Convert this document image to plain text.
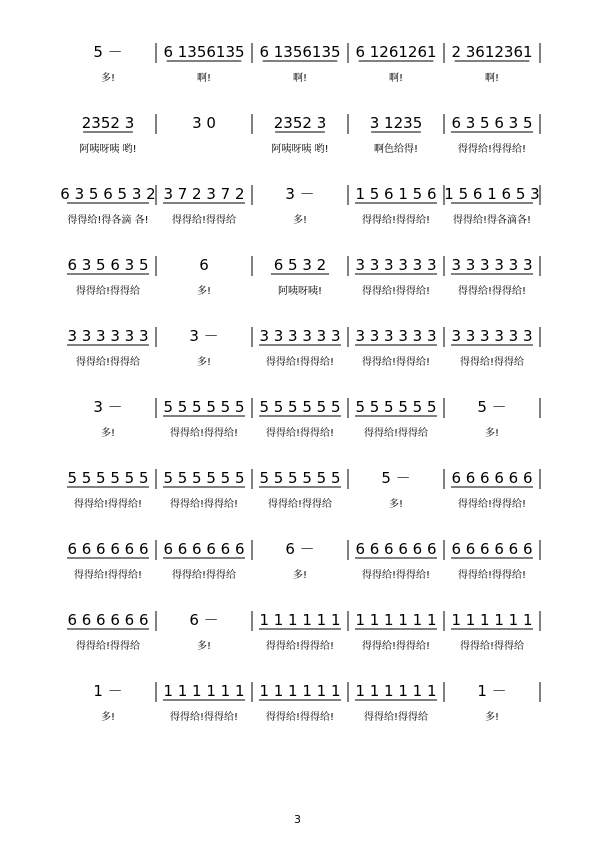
5 －
多!
6 1356135
啊!
6 1356135
啊!
6 1261261
啊!
2 3612361
啊!
2352 3
阿咦呀咦 哟!
3 0	2352 3
阿咦呀咦 哟!
3 1235
啊色给得!
6 3 5 6 3 5
得得给!得得给!
6 3 5 6 5 3 2
得得给!得各滴 各!
3 7 2 3 7 2
得得给!得得给
3 －
多!
1 5 6 1 5 6
得得给!得得给!
1 5 6 1 6 5 3
得得给!得各滴各!
6 3 5 6 3 5
得得给!得得给
6
多!
6 5 3 2
阿咦呀咦!
3 3 3 3 3 3
得得给!得得给!
3 3 3 3 3 3
得得给!得得给!
3 3 3 3 3 3
得得给!得得给
3 －
多!
3 3 3 3 3 3
得得给!得得给!
3 3 3 3 3 3
得得给!得得给!
3 3 3 3 3 3
得得给!得得给
3 －
多!
5 5 5 5 5 5
得得给!得得给!
5 5 5 5 5 5
得得给!得得给!
5 5 5 5 5 5
得得给!得得给
5 －
多!
5 5 5 5 5 5
得得给!得得给!
5 5 5 5 5 5
得得给!得得给!
5 5 5 5 5 5
得得给!得得给
5 －
多!
6 6 6 6 6 6
得得给!得得给!
6 6 6 6 6 6
得得给!得得给!
6 6 6 6 6 6
得得给!得得给
6 －
多!
6 6 6 6 6 6
得得给!得得给!
6 6 6 6 6 6
得得给!得得给!
6 6 6 6 6 6
得得给!得得给
6 －
多!
1 1 1 1 1 1
得得给!得得给!
1 1 1 1 1 1
得得给!得得给!
1 1 1 1 1 1
得得给!得得给
1 －
多!
1 1 1 1 1 1
得得给!得得给!
1 1 1 1 1 1
得得给!得得给!
1 1 1 1 1 1
得得给!得得给
1 －
多!
3
